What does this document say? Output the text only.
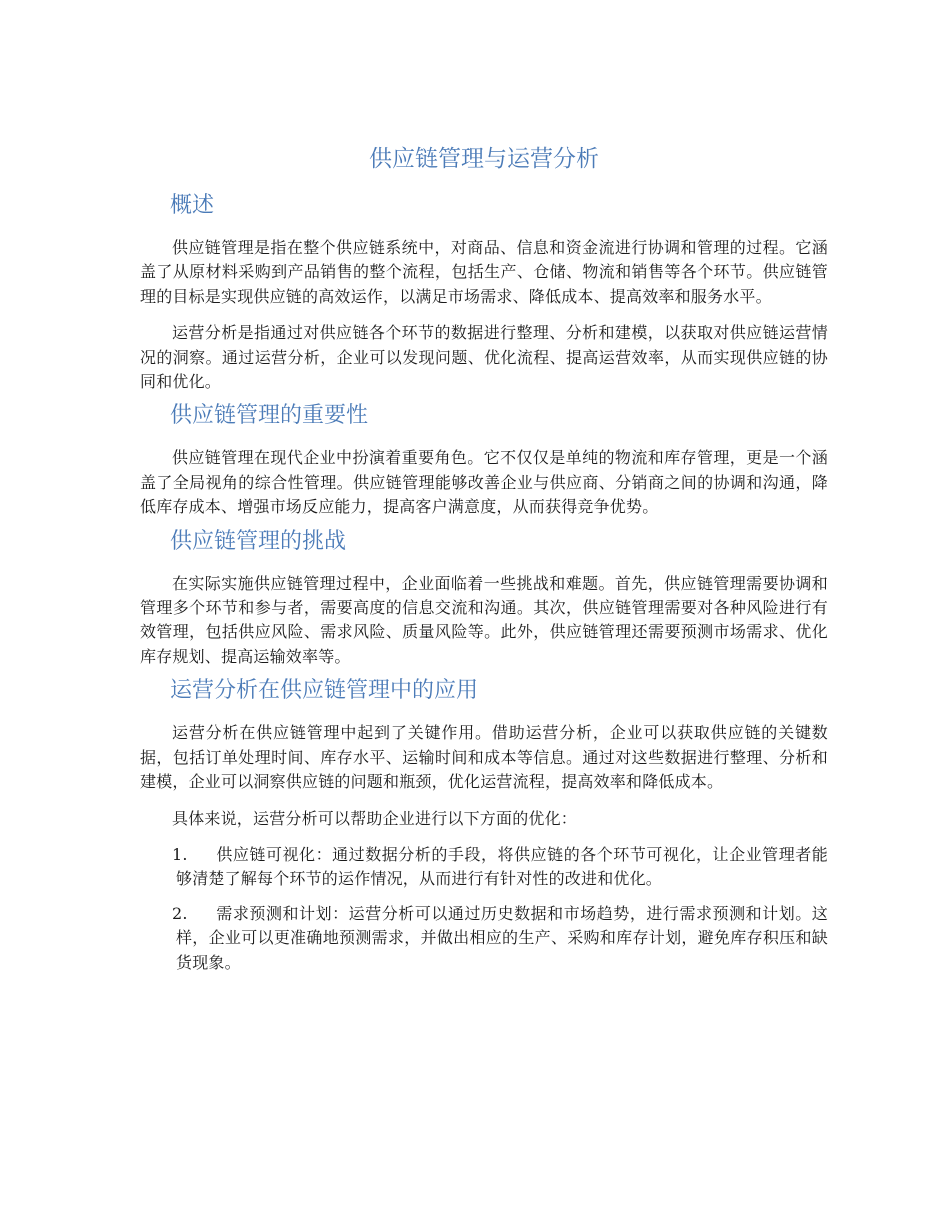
供应链管理与运营分析
概述

供应链管理是指在整个供应链系统中，对商品、信息和资金流进行协调和管理的过程。它涵盖了从原材料采购到产品销售的整个流程，包括生产、仓储、物流和销售等各个环节。供应链管理的目标是实现供应链的高效运作，以满足市场需求、降低成本、提高效率和服务水平。

运营分析是指通过对供应链各个环节的数据进行整理、分析和建模，以获取对供应链运营情况的洞察。通过运营分析，企业可以发现问题、优化流程、提高运营效率，从而实现供应链的协同和优化。

供应链管理的重要性

供应链管理在现代企业中扮演着重要角色。它不仅仅是单纯的物流和库存管理，更是一个涵盖了全局视角的综合性管理。供应链管理能够改善企业与供应商、分销商之间的协调和沟通，降低库存成本、增强市场反应能力，提高客户满意度，从而获得竞争优势。

供应链管理的挑战

在实际实施供应链管理过程中，企业面临着一些挑战和难题。首先，供应链管理需要协调和管理多个环节和参与者，需要高度的信息交流和沟通。其次，供应链管理需要对各种风险进行有效管理，包括供应风险、需求风险、质量风险等。此外，供应链管理还需要预测市场需求、优化库存规划、提高运输效率等。

运营分析在供应链管理中的应用

运营分析在供应链管理中起到了关键作用。借助运营分析，企业可以获取供应链的关键数据，包括订单处理时间、库存水平、运输时间和成本等信息。通过对这些数据进行整理、分析和建模，企业可以洞察供应链的问题和瓶颈，优化运营流程，提高效率和降低成本。

具体来说，运营分析可以帮助企业进行以下方面的优化：

1. 供应链可视化：通过数据分析的手段，将供应链的各个环节可视化，让企业管理者能够清楚了解每个环节的运作情况，从而进行有针对性的改进和优化。
2. 需求预测和计划：运营分析可以通过历史数据和市场趋势，进行需求预测和计划。这样，企业可以更准确地预测需求，并做出相应的生产、采购和库存计划，避免库存积压和缺货现象。
